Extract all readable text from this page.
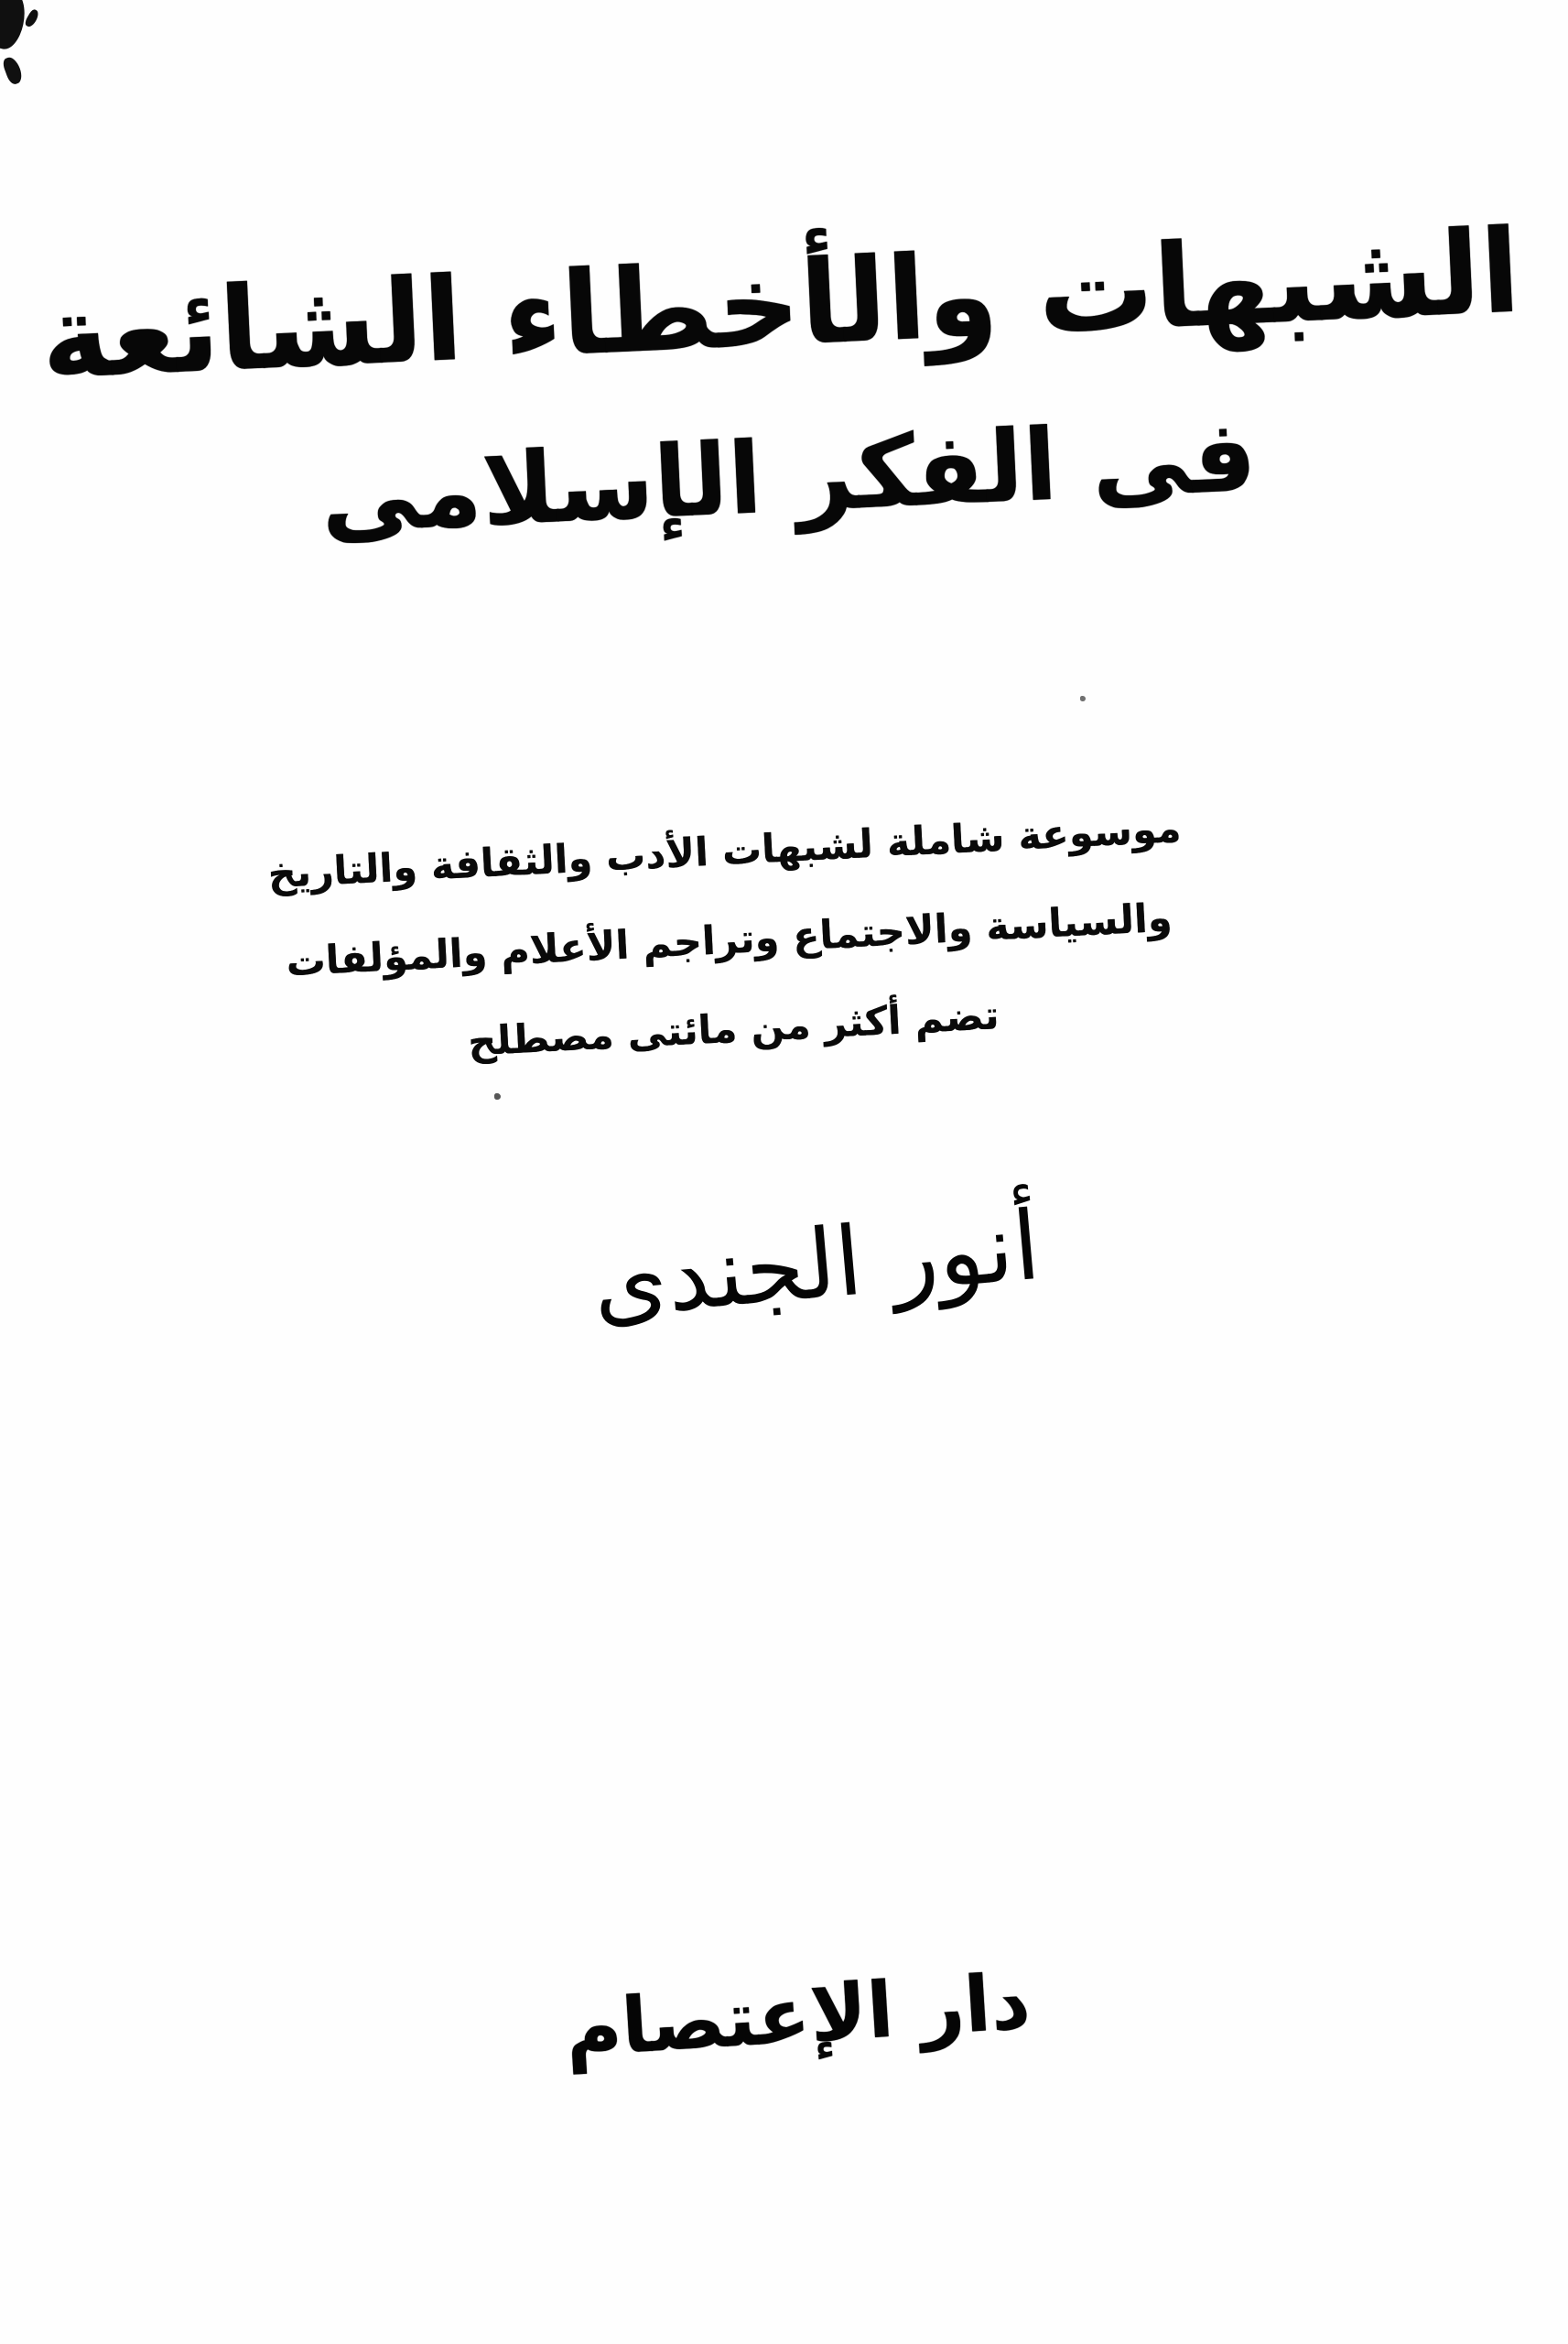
الشبهات والأخطاء الشائعة
فى الفكر الإسلامى
موسوعة شاملة لشبهات الأدب والثقافة والتاريخ
والسياسة والاجتماع وتراجم الأعلام والمؤلفات
تضم أكثر من مائتى مصطلح
أنور الجندى
دار الإعتصام
